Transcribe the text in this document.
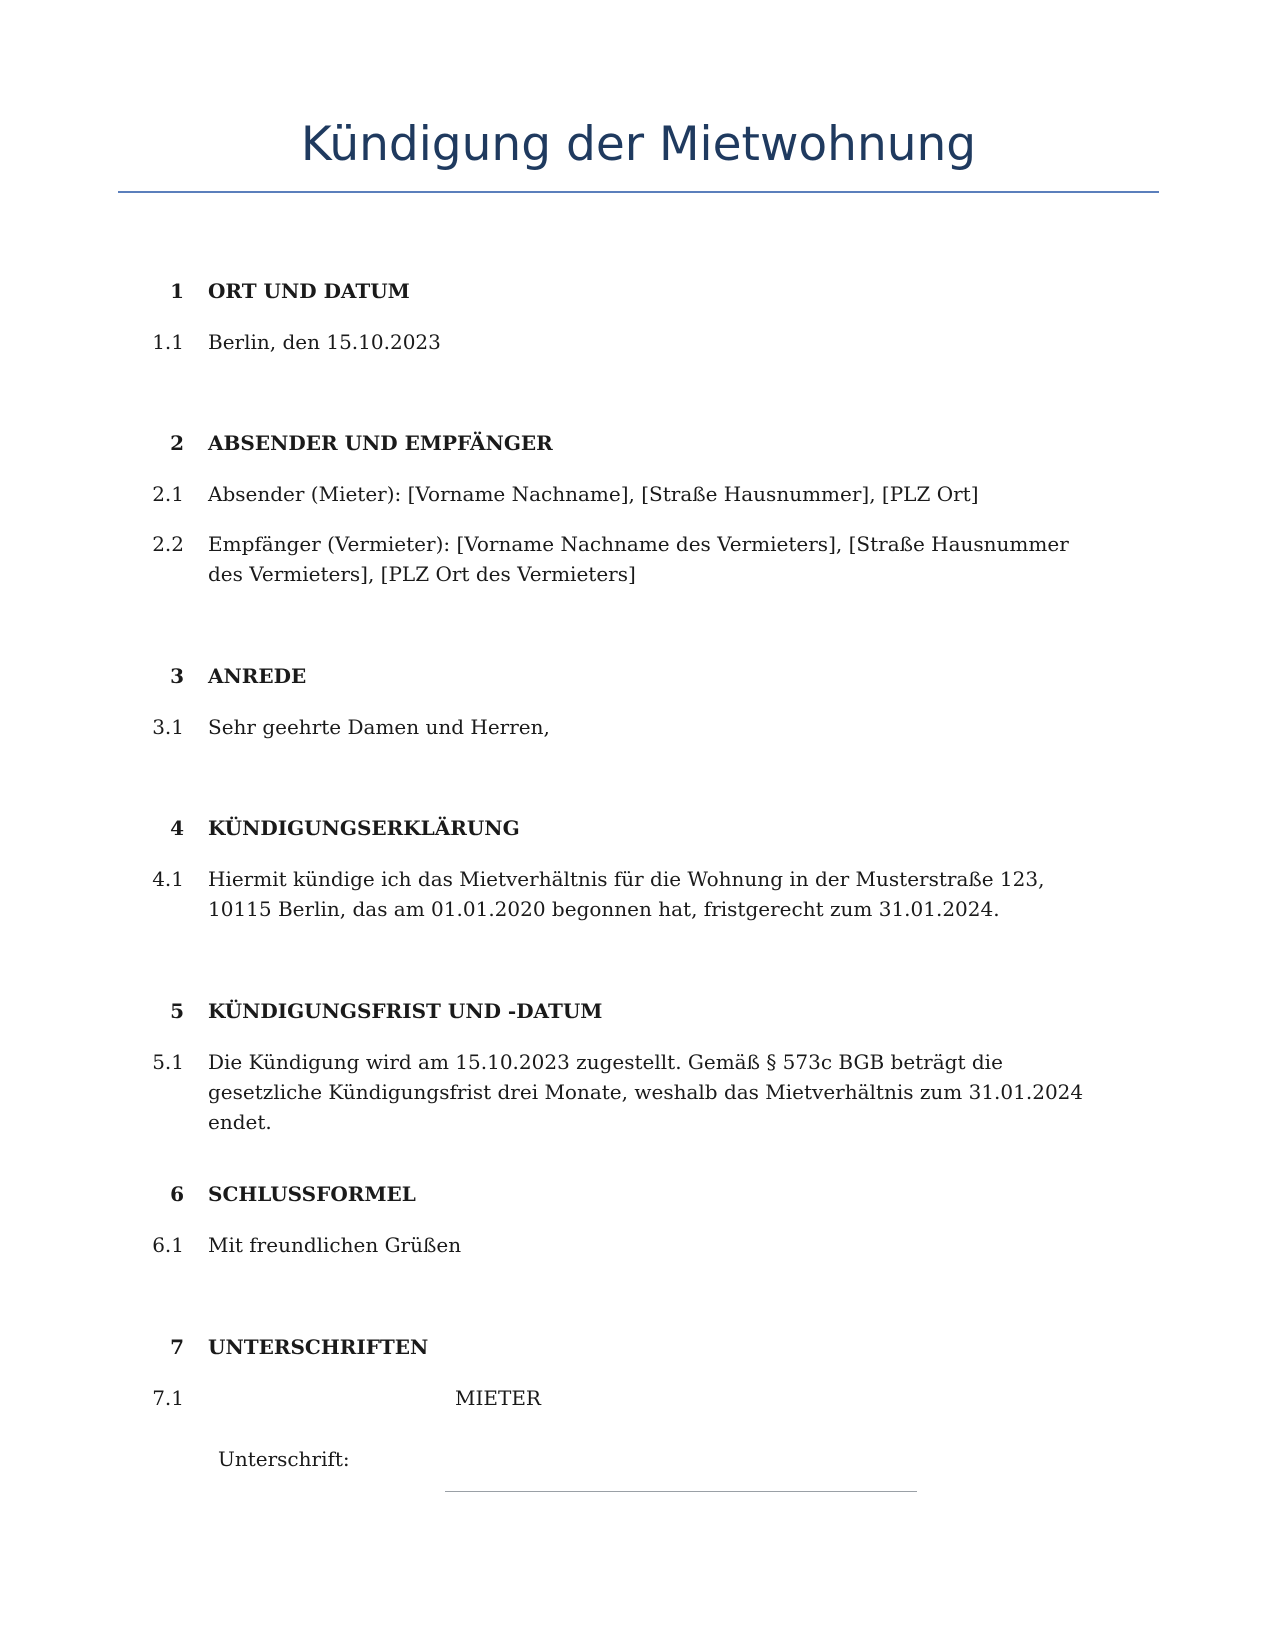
Kündigung der Mietwohnung
1 ORT UND DATUM
1.1 Berlin, den 15.10.2023
2 ABSENDER UND EMPFÄNGER
2.1 Absender (Mieter): [Vorname Nachname], [Straße Hausnummer], [PLZ Ort]
2.2 Empfänger (Vermieter): [Vorname Nachname des Vermieters], [Straße Hausnummer des Vermieters], [PLZ Ort des Vermieters]
3 ANREDE
3.1 Sehr geehrte Damen und Herren,
4 KÜNDIGUNGSERKLÄRUNG
4.1 Hiermit kündige ich das Mietverhältnis für die Wohnung in der Musterstraße 123, 10115 Berlin, das am 01.01.2020 begonnen hat, fristgerecht zum 31.01.2024.
5 KÜNDIGUNGSFRIST UND -DATUM
5.1 Die Kündigung wird am 15.10.2023 zugestellt. Gemäß § 573c BGB beträgt die gesetzliche Kündigungsfrist drei Monate, weshalb das Mietverhältnis zum 31.01.2024 endet.
6 SCHLUSSFORMEL
6.1 Mit freundlichen Grüßen
7 UNTERSCHRIFTEN
7.1	MIETER
Unterschrift:
